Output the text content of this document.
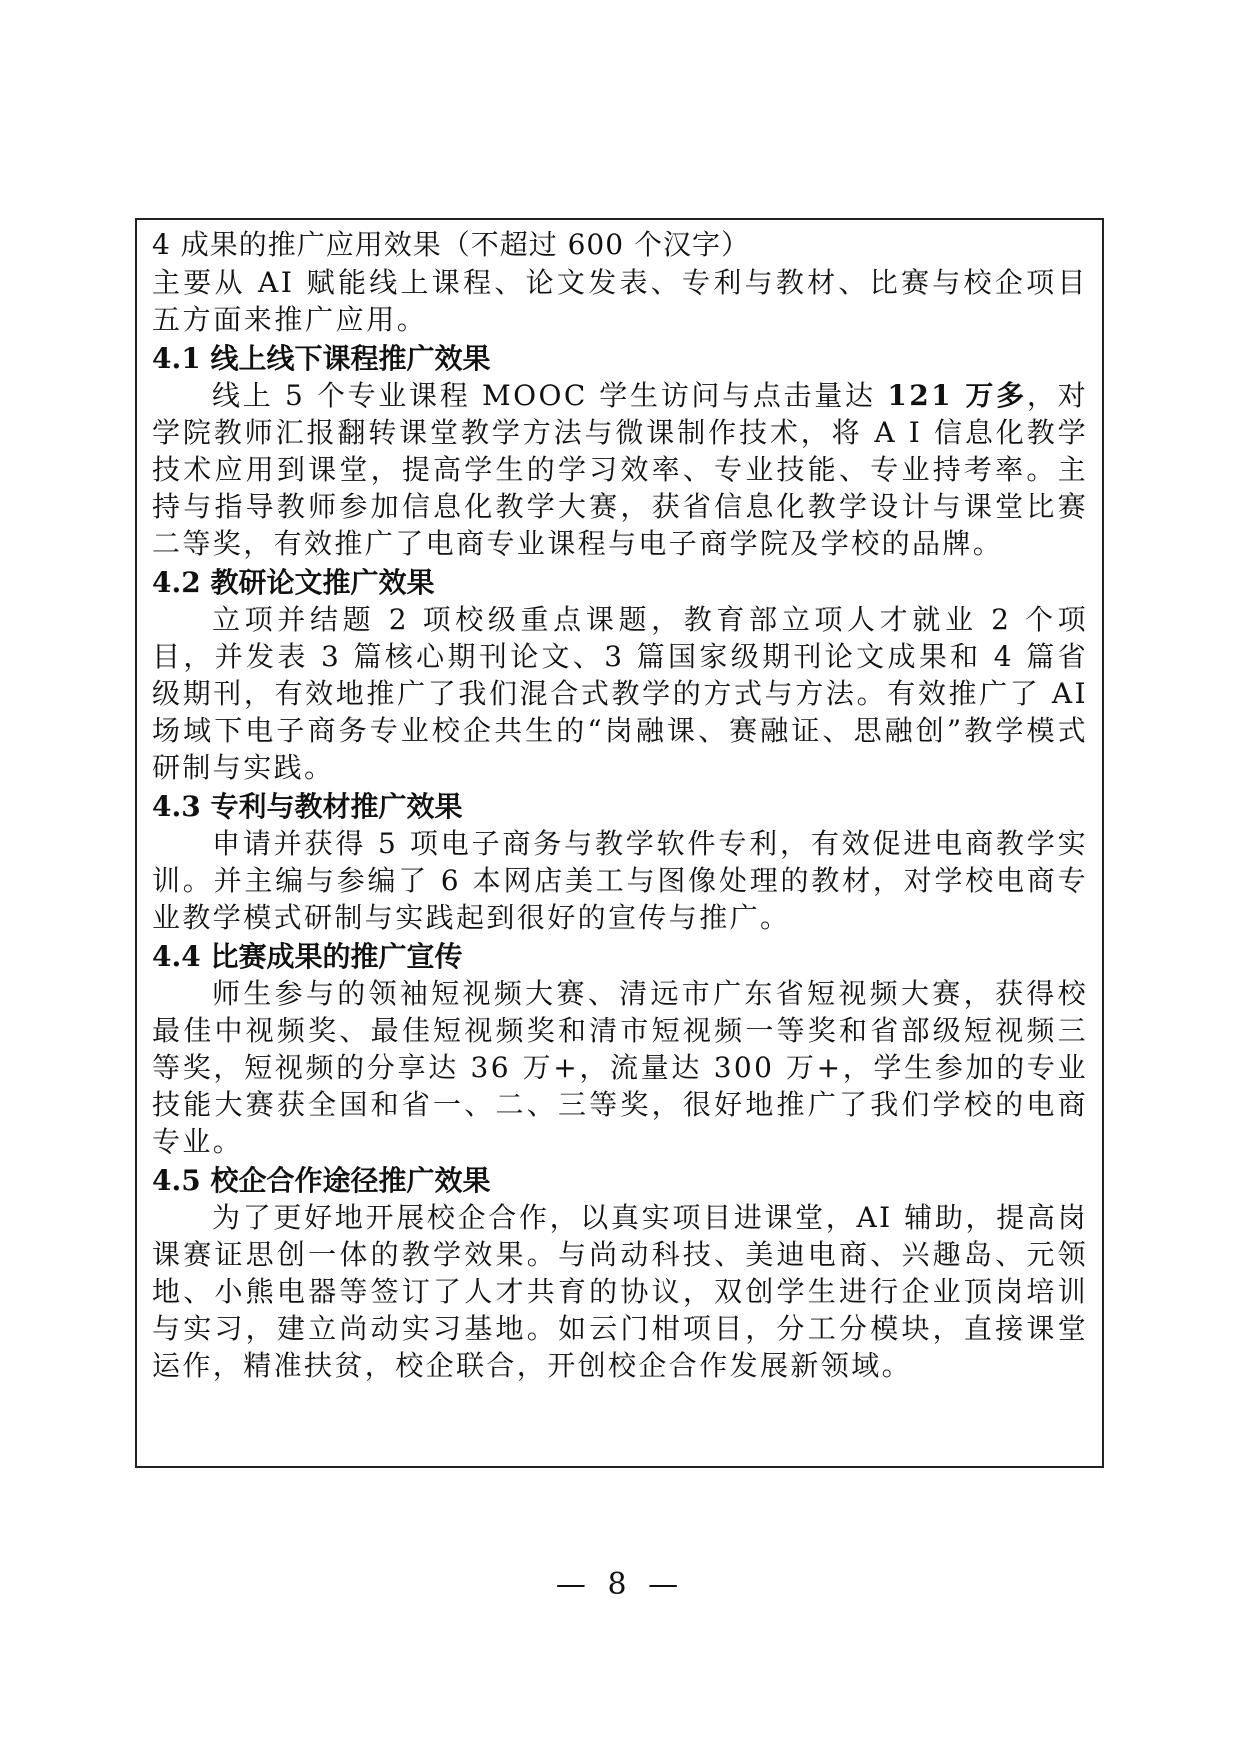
4 成果的推广应用效果（不超过 600 个汉字）

主要从 AI 赋能线上课程、论文发表、专利与教材、比赛与校企项目五方面来推广应用。

4.1 线上线下课程推广效果

线上 5 个专业课程 MOOC 学生访问与点击量达 121 万多，对学院教师汇报翻转课堂教学方法与微课制作技术，将 A I 信息化教学技术应用到课堂，提高学生的学习效率、专业技能、专业持考率。主持与指导教师参加信息化教学大赛，获省信息化教学设计与课堂比赛二等奖，有效推广了电商专业课程与电子商学院及学校的品牌。

4.2 教研论文推广效果

立项并结题 2 项校级重点课题，教育部立项人才就业 2 个项目，并发表 3 篇核心期刊论文、3 篇国家级期刊论文成果和 4 篇省级期刊，有效地推广了我们混合式教学的方式与方法。有效推广了 AI 场域下电子商务专业校企共生的“岗融课、赛融证、思融创”教学模式研制与实践。

4.3 专利与教材推广效果

申请并获得 5 项电子商务与教学软件专利，有效促进电商教学实训。并主编与参编了 6 本网店美工与图像处理的教材，对学校电商专业教学模式研制与实践起到很好的宣传与推广。

4.4 比赛成果的推广宣传

师生参与的领袖短视频大赛、清远市广东省短视频大赛，获得校最佳中视频奖、最佳短视频奖和清市短视频一等奖和省部级短视频三等奖，短视频的分享达 36 万+，流量达 300 万+，学生参加的专业技能大赛获全国和省一、二、三等奖，很好地推广了我们学校的电商专业。

4.5 校企合作途径推广效果

为了更好地开展校企合作，以真实项目进课堂，AI 辅助，提高岗课赛证思创一体的教学效果。与尚动科技、美迪电商、兴趣岛、元领地、小熊电器等签订了人才共育的协议，双创学生进行企业顶岗培训与实习，建立尚动实习基地。如云门柑项目，分工分模块，直接课堂运作，精准扶贫，校企联合，开创校企合作发展新领域。

— 8 —
